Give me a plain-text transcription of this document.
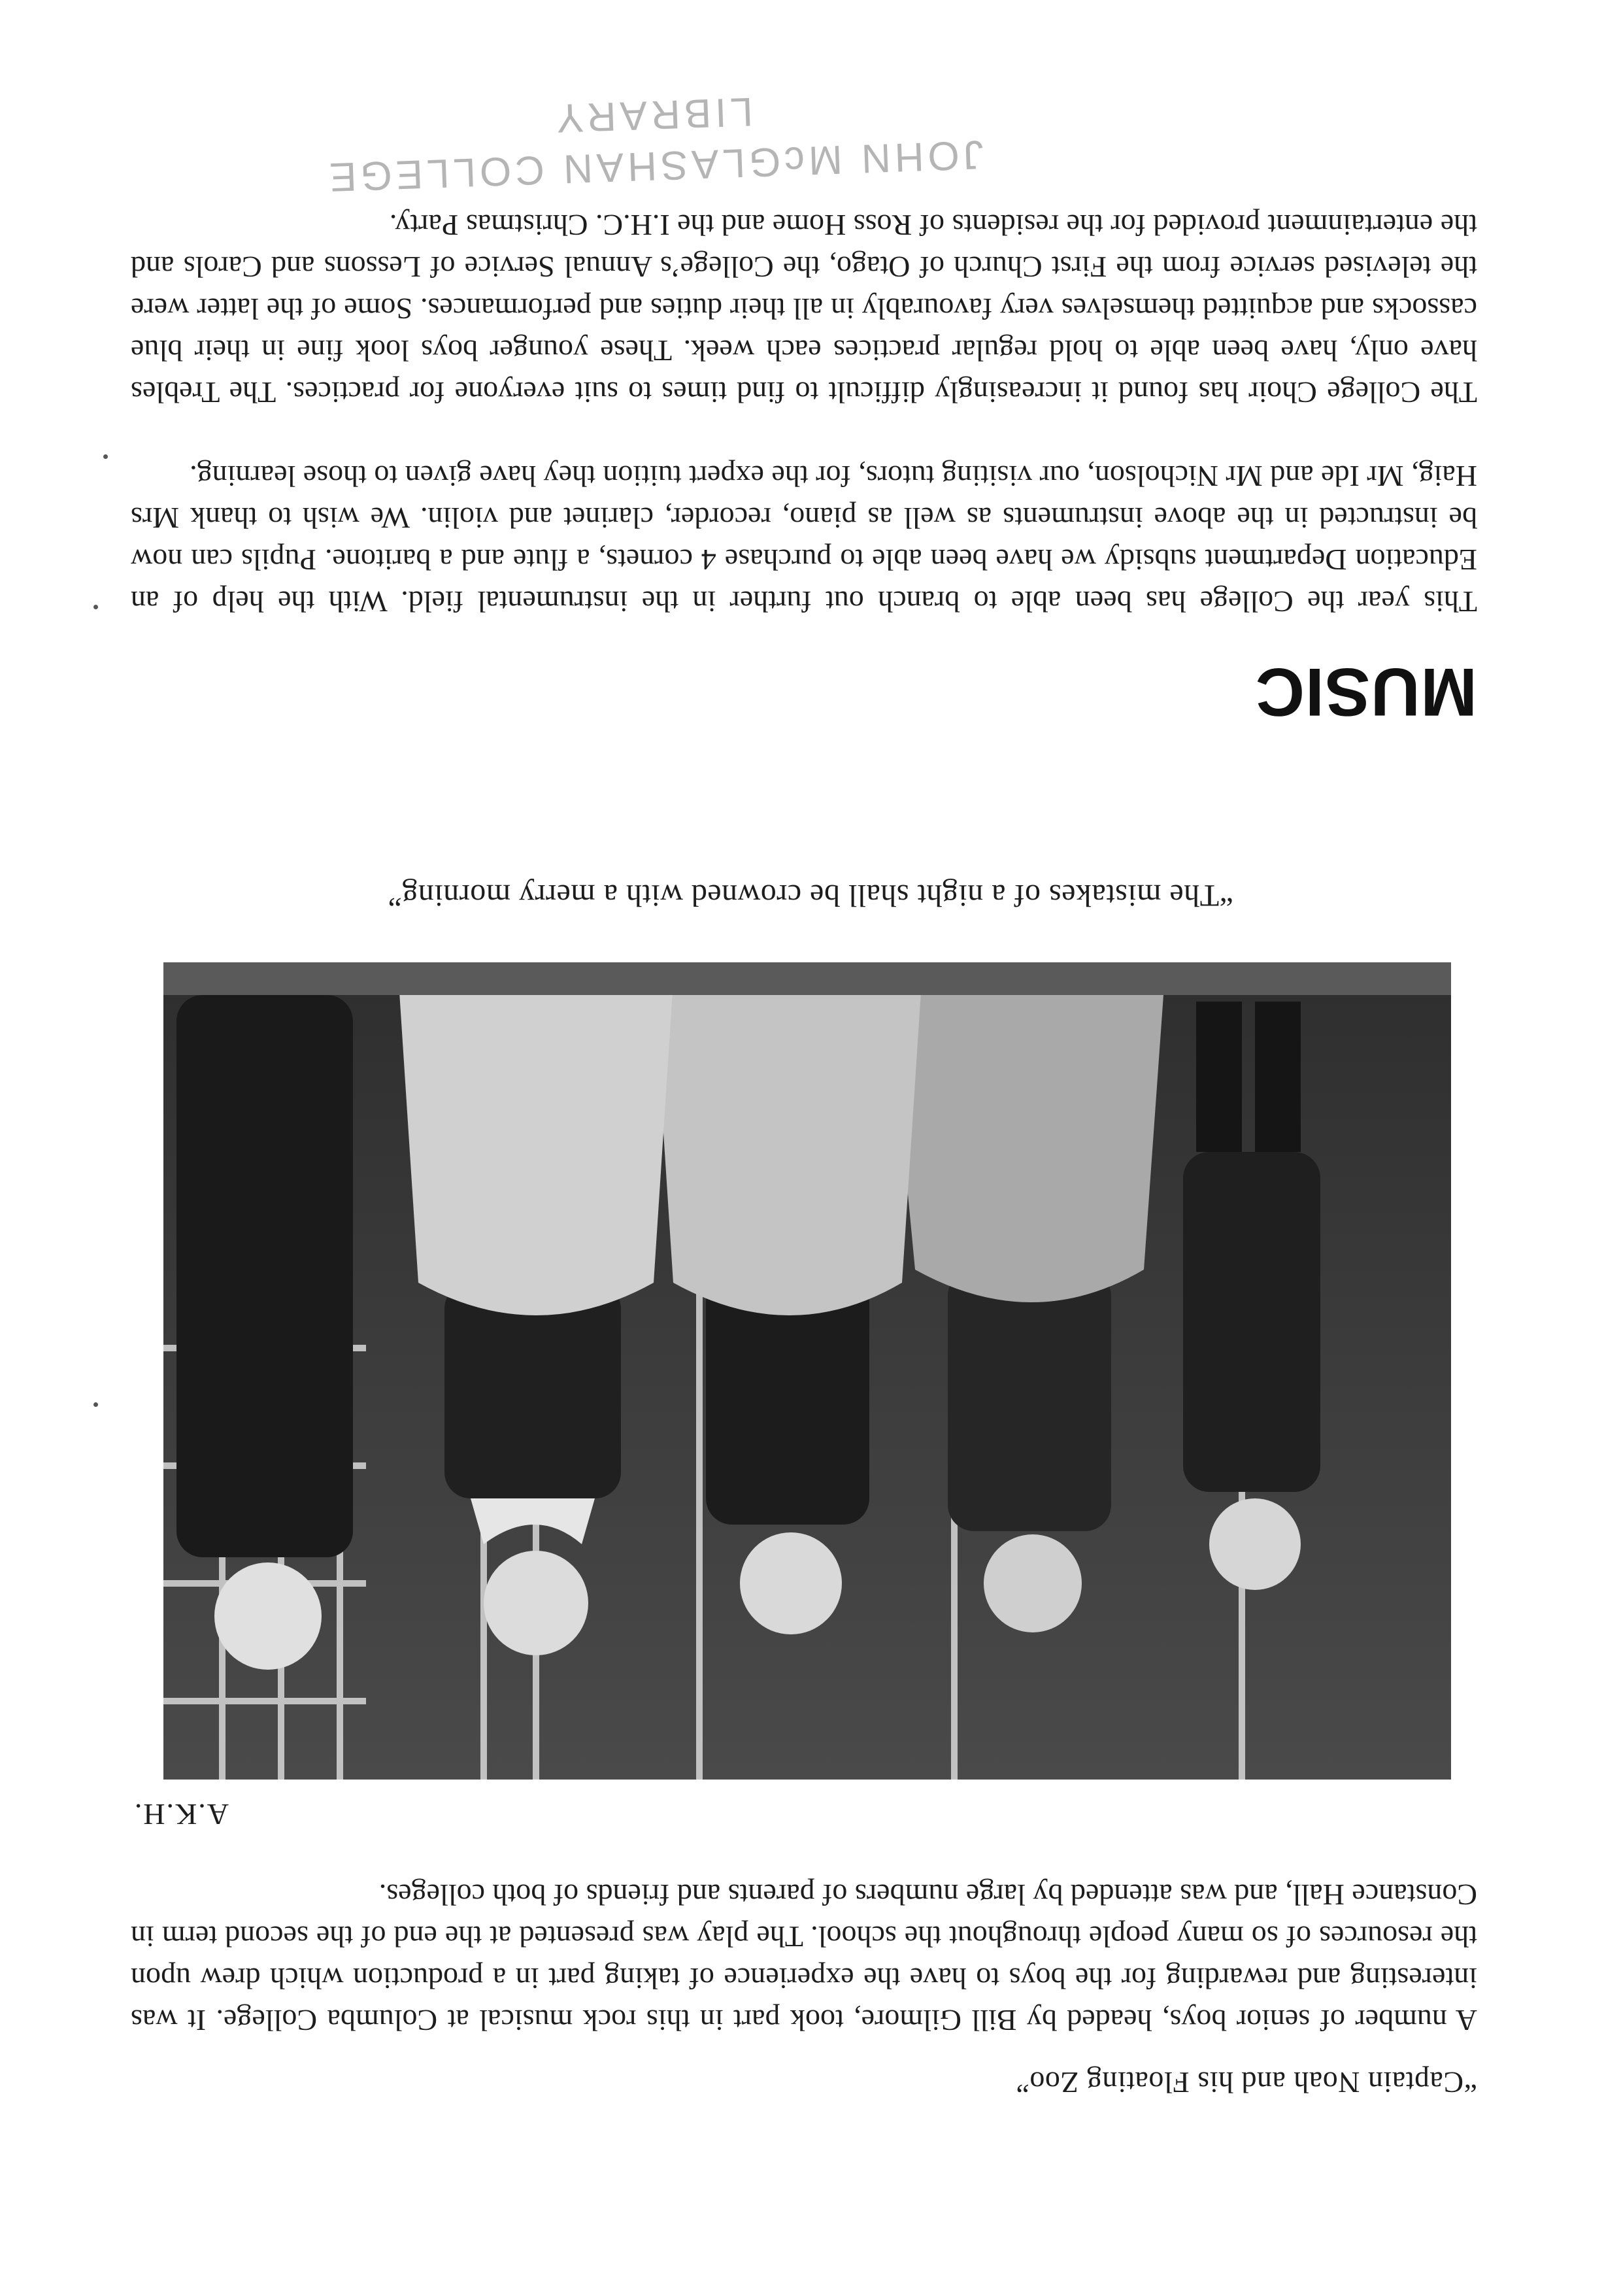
“Captain Noah and his Floating Zoo”

A number of senior boys, headed by Bill Gilmore, took part in this rock musical at Columba College. It was interesting and rewarding for the boys to have the experience of taking part in a production which drew upon the resources of so many people throughout the school. The play was presented at the end of the second term in Constance Hall, and was attended by large numbers of parents and friends of both colleges.

A.K.H.
“The mistakes of a night shall be crowned with a merry morning”
MUSIC

This year the College has been able to branch out further in the instrumental field. With the help of an Education Department subsidy we have been able to purchase 4 cornets, a flute and a baritone. Pupils can now be instructed in the above instruments as well as piano, recorder, clarinet and violin. We wish to thank Mrs Haig, Mr Ide and Mr Nicholson, our visiting tutors, for the expert tuition they have given to those learning.

The College Choir has found it increasingly difficult to find times to suit everyone for practices. The Trebles have only, have been able to hold regular practices each week. These younger boys look fine in their blue cassocks and acquitted themselves very favourably in all their duties and performances. Some of the latter were the televised service from the First Church of Otago, the College’s Annual Service of Lessons and Carols and the entertainment provided for the residents of Ross Home and the I.H.C. Christmas Party.

JOHN McGLASHAN COLLEGE
LIBRARY
